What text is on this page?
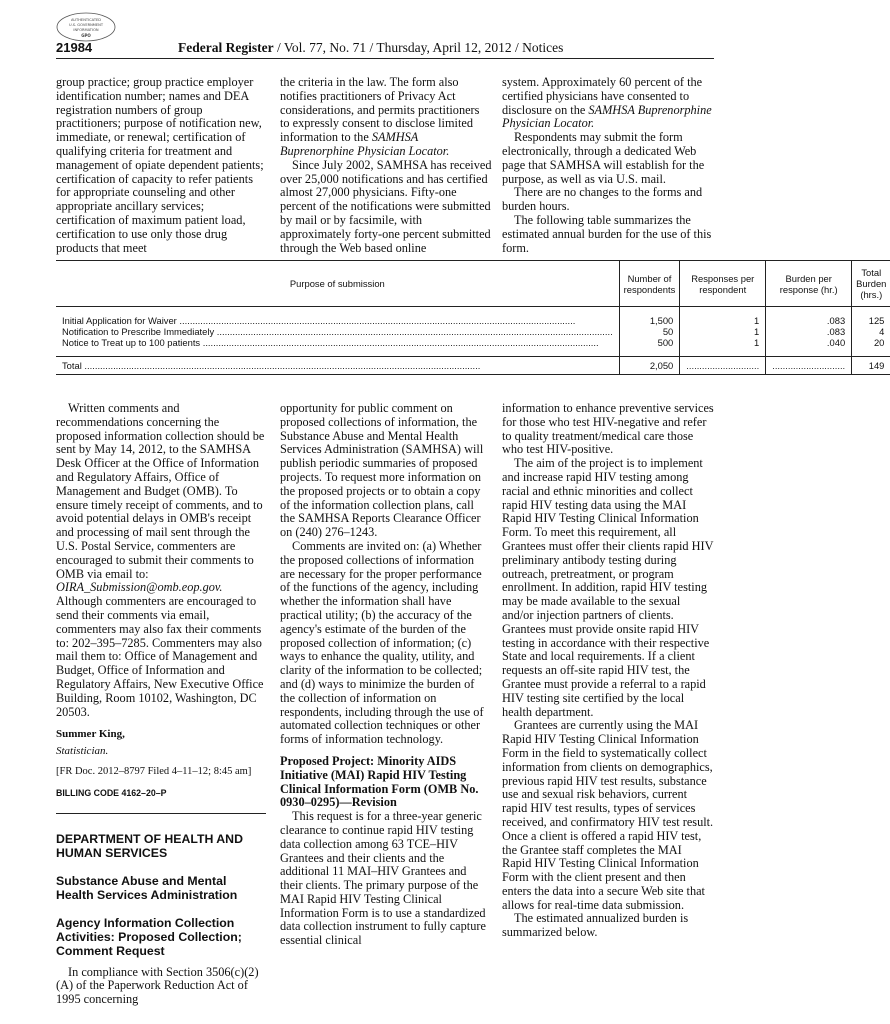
AUTHENTICATED
U.S. GOVERNMENT
INFORMATION
GPO
21984	Federal Register / Vol. 77, No. 71 / Thursday, April 12, 2012 / Notices

group practice; group practice employer identification number; names and DEA registration numbers of group practitioners; purpose of notification new, immediate, or renewal; certification of qualifying criteria for treatment and management of opiate dependent patients; certification of capacity to refer patients for appropriate counseling and other appropriate ancillary services; certification of maximum patient load, certification to use only those drug products that meet

the criteria in the law. The form also notifies practitioners of Privacy Act considerations, and permits practitioners to expressly consent to disclose limited information to the SAMHSA Buprenorphine Physician Locator.

Since July 2002, SAMHSA has received over 25,000 notifications and has certified almost 27,000 physicians. Fifty-one percent of the notifications were submitted by mail or by facsimile, with approximately forty-one percent submitted through the Web based online

system. Approximately 60 percent of the certified physicians have consented to disclosure on the SAMHSA Buprenorphine Physician Locator.

Respondents may submit the form electronically, through a dedicated Web page that SAMHSA will establish for the purpose, as well as via U.S. mail.

There are no changes to the forms and burden hours.

The following table summarizes the estimated annual burden for the use of this form.

Purpose of submission	Number of respondents	Responses per respondent	Burden per response (hr.)	Total Burden (hrs.)

Initial Application for Waiver .....	1,500	1	.083	125

Notification to Prescribe Immediately .....	50	1	.083	4

Notice to Treat up to 100 patients .....	500	1	.040	20

Total .....	2,050	............................	............................	149

Written comments and recommendations concerning the proposed information collection should be sent by May 14, 2012, to the SAMHSA Desk Officer at the Office of Information and Regulatory Affairs, Office of Management and Budget (OMB). To ensure timely receipt of comments, and to avoid potential delays in OMB's receipt and processing of mail sent through the U.S. Postal Service, commenters are encouraged to submit their comments to OMB via email to: OIRA_Submission@omb.eop.gov. Although commenters are encouraged to send their comments via email, commenters may also fax their comments to: 202–395–7285. Commenters may also mail them to: Office of Management and Budget, Office of Information and Regulatory Affairs, New Executive Office Building, Room 10102, Washington, DC 20503.

Summer King,

Statistician.

[FR Doc. 2012–8797 Filed 4–11–12; 8:45 am]

BILLING CODE 4162–20–P

DEPARTMENT OF HEALTH AND HUMAN SERVICES

Substance Abuse and Mental Health Services Administration

Agency Information Collection Activities: Proposed Collection; Comment Request

In compliance with Section 3506(c)(2)(A) of the Paperwork Reduction Act of 1995 concerning

opportunity for public comment on proposed collections of information, the Substance Abuse and Mental Health Services Administration (SAMHSA) will publish periodic summaries of proposed projects. To request more information on the proposed projects or to obtain a copy of the information collection plans, call the SAMHSA Reports Clearance Officer on (240) 276–1243.

Comments are invited on: (a) Whether the proposed collections of information are necessary for the proper performance of the functions of the agency, including whether the information shall have practical utility; (b) the accuracy of the agency's estimate of the burden of the proposed collection of information; (c) ways to enhance the quality, utility, and clarity of the information to be collected; and (d) ways to minimize the burden of the collection of information on respondents, including through the use of automated collection techniques or other forms of information technology.

Proposed Project: Minority AIDS Initiative (MAI) Rapid HIV Testing Clinical Information Form (OMB No. 0930–0295)—Revision

This request is for a three-year generic clearance to continue rapid HIV testing data collection among 63 TCE–HIV Grantees and their clients and the additional 11 MAI–HIV Grantees and their clients. The primary purpose of the MAI Rapid HIV Testing Clinical Information Form is to use a standardized data collection instrument to fully capture essential clinical

information to enhance preventive services for those who test HIV-negative and refer to quality treatment/medical care those who test HIV-positive.

The aim of the project is to implement and increase rapid HIV testing among racial and ethnic minorities and collect rapid HIV testing data using the MAI Rapid HIV Testing Clinical Information Form. To meet this requirement, all Grantees must offer their clients rapid HIV preliminary antibody testing during outreach, pretreatment, or program enrollment. In addition, rapid HIV testing may be made available to the sexual and/or injection partners of clients. Grantees must provide onsite rapid HIV testing in accordance with their respective State and local requirements. If a client requests an off-site rapid HIV test, the Grantee must provide a referral to a rapid HIV testing site certified by the local health department.

Grantees are currently using the MAI Rapid HIV Testing Clinical Information Form in the field to systematically collect information from clients on demographics, previous rapid HIV test results, substance use and sexual risk behaviors, current rapid HIV test results, types of services received, and confirmatory HIV test result. Once a client is offered a rapid HIV test, the Grantee staff completes the MAI Rapid HIV Testing Clinical Information Form with the client present and then enters the data into a secure Web site that allows for real-time data submission.

The estimated annualized burden is summarized below.
